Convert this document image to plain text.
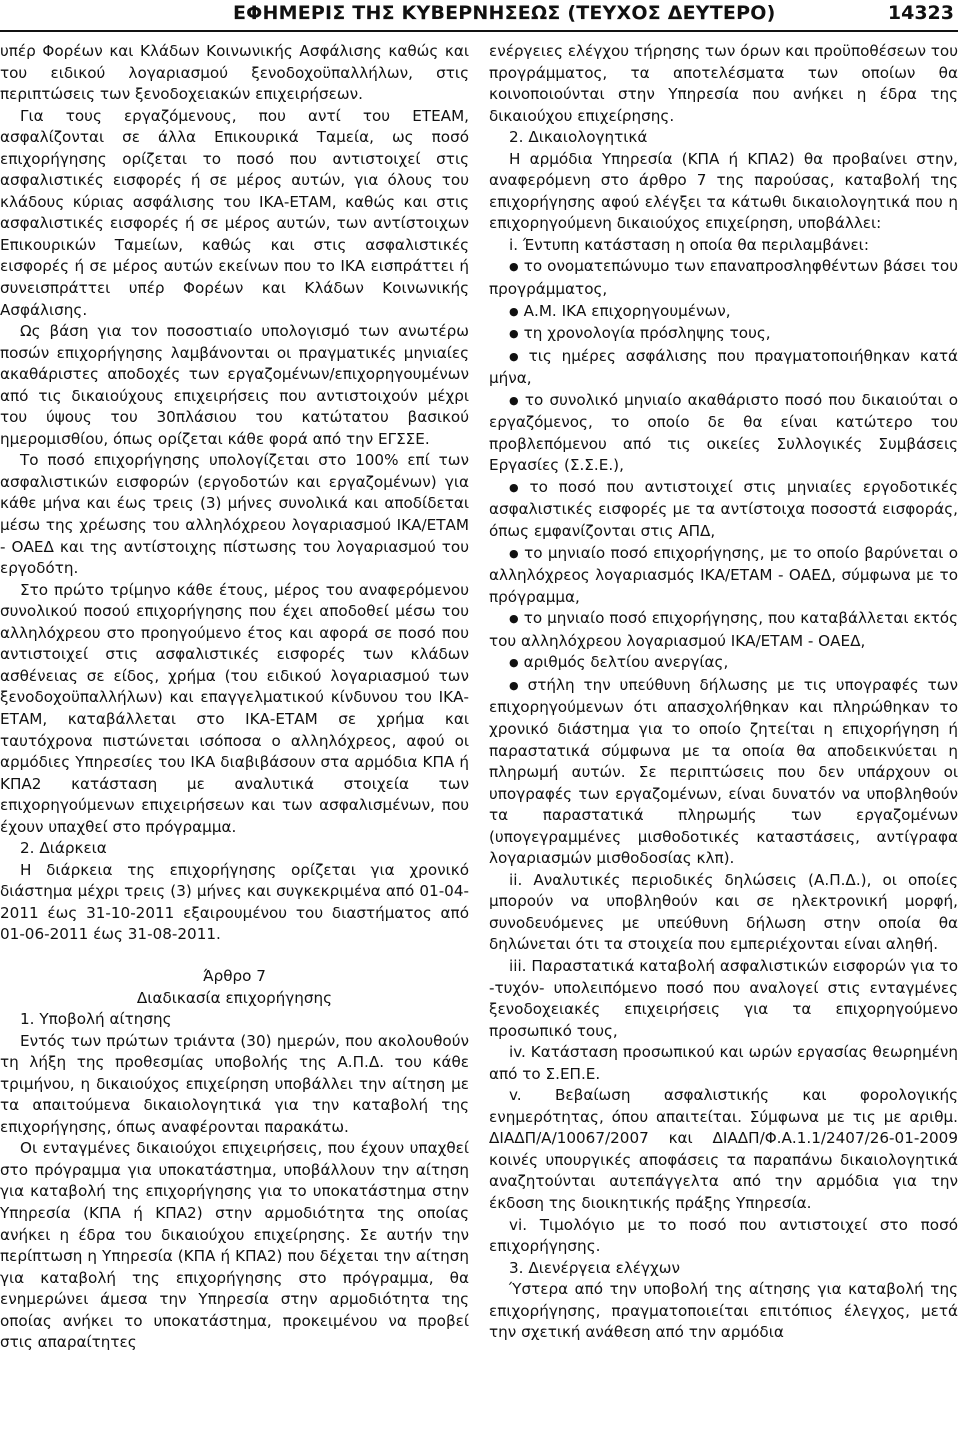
ΕΦΗΜΕΡΙΣ ΤΗΣ ΚΥΒΕΡΝΗΣΕΩΣ (ΤΕΥΧΟΣ ΔΕΥΤΕΡΟ)	14323

υπέρ Φορέων και Κλάδων Κοινωνικής Ασφάλισης καθώς και του ειδικού λογαριασμού ξενοδοχοϋπαλλήλων, στις περιπτώσεις των ξενοδοχειακών επιχειρήσεων.

Για τους εργαζόμενους, που αντί του ΕΤΕΑΜ, ασφαλίζονται σε άλλα Επικουρικά Ταμεία, ως ποσό επιχορήγησης ορίζεται το ποσό που αντιστοιχεί στις ασφαλιστικές εισφορές ή σε μέρος αυτών, για όλους του κλάδους κύριας ασφάλισης του ΙΚΑ-ΕΤΑΜ, καθώς και στις ασφαλιστικές εισφορές ή σε μέρος αυτών, των αντίστοιχων Επικουρικών Ταμείων, καθώς και στις ασφαλιστικές εισφορές ή σε μέρος αυτών εκείνων που το ΙΚΑ εισπράττει ή συνεισπράττει υπέρ Φορέων και Κλάδων Κοινωνικής Ασφάλισης.

Ως βάση για τον ποσοστιαίο υπολογισμό των ανωτέρω ποσών επιχορήγησης λαμβάνονται οι πραγματικές μηνιαίες ακαθάριστες αποδοχές των εργαζομένων/επιχορηγουμένων από τις δικαιούχους επιχειρήσεις που αντιστοιχούν μέχρι του ύψους του 30πλάσιου του κατώτατου βασικού ημερομισθίου, όπως ορίζεται κάθε φορά από την ΕΓΣΣΕ.

Το ποσό επιχορήγησης υπολογίζεται στο 100% επί των ασφαλιστικών εισφορών (εργοδοτών και εργαζομένων) για κάθε μήνα και έως τρεις (3) μήνες συνολικά και αποδίδεται μέσω της χρέωσης του αλληλόχρεου λογαριασμού ΙΚΑ/ΕΤΑΜ - ΟΑΕΔ και της αντίστοιχης πίστωσης του λογαριασμού του εργοδότη.

Στο πρώτο τρίμηνο κάθε έτους, μέρος του αναφερόμενου συνολικού ποσού επιχορήγησης που έχει αποδοθεί μέσω του αλληλόχρεου στο προηγούμενο έτος και αφορά σε ποσό που αντιστοιχεί στις ασφαλιστικές εισφορές των κλάδων ασθένειας σε είδος, χρήμα (του ειδικού λογαριασμού των ξενοδοχοϋπαλλήλων) και επαγγελματικού κίνδυνου του ΙΚΑ-ΕΤΑΜ, καταβάλλεται στο ΙΚΑ-ΕΤΑΜ σε χρήμα και ταυτόχρονα πιστώνεται ισόποσα ο αλληλόχρεος, αφού οι αρμόδιες Υπηρεσίες του ΙΚΑ διαβιβάσουν στα αρμόδια ΚΠΑ ή ΚΠΑ2 κατάσταση με αναλυτικά στοιχεία των επιχορηγούμενων επιχειρήσεων και των ασφαλισμένων, που έχουν υπαχθεί στο πρόγραμμα.

2. Διάρκεια

Η διάρκεια της επιχορήγησης ορίζεται για χρονικό διάστημα μέχρι τρεις (3) μήνες και συγκεκριμένα από 01-04-2011 έως 31-10-2011 εξαιρουμένου του διαστήματος από 01-06-2011 έως 31-08-2011.

Άρθρο 7

Διαδικασία επιχορήγησης

1. Υποβολή αίτησης

Εντός των πρώτων τριάντα (30) ημερών, που ακολουθούν τη λήξη της προθεσμίας υποβολής της Α.Π.Δ. του κάθε τριμήνου, η δικαιούχος επιχείρηση υποβάλλει την αίτηση με τα απαιτούμενα δικαιολογητικά για την καταβολή της επιχορήγησης, όπως αναφέρονται παρακάτω.

Οι ενταγμένες δικαιούχοι επιχειρήσεις, που έχουν υπαχθεί στο πρόγραμμα για υποκατάστημα, υποβάλλουν την αίτηση για καταβολή της επιχορήγησης για το υποκατάστημα στην Υπηρεσία (ΚΠΑ ή ΚΠΑ2) στην αρμοδιότητα της οποίας ανήκει η έδρα του δικαιούχου επιχείρησης. Σε αυτήν την περίπτωση η Υπηρεσία (ΚΠΑ ή ΚΠΑ2) που δέχεται την αίτηση για καταβολή της επιχορήγησης στο πρόγραμμα, θα ενημερώνει άμεσα την Υπηρεσία στην αρμοδιότητα της οποίας ανήκει το υποκατάστημα, προκειμένου να προβεί στις απαραίτητες

ενέργειες ελέγχου τήρησης των όρων και προϋποθέσεων του προγράμματος, τα αποτελέσματα των οποίων θα κοινοποιούνται στην Υπηρεσία που ανήκει η έδρα της δικαιούχου επιχείρησης.

2. Δικαιολογητικά

Η αρμόδια Υπηρεσία (ΚΠΑ ή ΚΠΑ2) θα προβαίνει στην, αναφερόμενη στο άρθρο 7 της παρούσας, καταβολή της επιχορήγησης αφού ελέγξει τα κάτωθι δικαιολογητικά που η επιχορηγούμενη δικαιούχος επιχείρηση, υποβάλλει:

i. Έντυπη κατάσταση η οποία θα περιλαμβάνει:

● το ονοματεπώνυμο των επαναπροσληφθέντων βάσει του προγράμματος,

● Α.Μ. ΙΚΑ επιχορηγουμένων,

● τη χρονολογία πρόσληψης τους,

● τις ημέρες ασφάλισης που πραγματοποιήθηκαν κατά μήνα,

● το συνολικό μηνιαίο ακαθάριστο ποσό που δικαιούται ο εργαζόμενος, το οποίο δε θα είναι κατώτερο του προβλεπόμενου από τις οικείες Συλλογικές Συμβάσεις Εργασίες (Σ.Σ.Ε.),

● το ποσό που αντιστοιχεί στις μηνιαίες εργοδοτικές ασφαλιστικές εισφορές με τα αντίστοιχα ποσοστά εισφοράς, όπως εμφανίζονται στις ΑΠΔ,

● το μηνιαίο ποσό επιχορήγησης, με το οποίο βαρύνεται ο αλληλόχρεος λογαριασμός ΙΚΑ/ΕΤΑΜ - ΟΑΕΔ, σύμφωνα με το πρόγραμμα,

● το μηνιαίο ποσό επιχορήγησης, που καταβάλλεται εκτός του αλληλόχρεου λογαριασμού ΙΚΑ/ΕΤΑΜ - ΟΑΕΔ,

● αριθμός δελτίου ανεργίας,

● στήλη την υπεύθυνη δήλωσης με τις υπογραφές των επιχορηγούμενων ότι απασχολήθηκαν και πληρώθηκαν το χρονικό διάστημα για το οποίο ζητείται η επιχορήγηση ή παραστατικά σύμφωνα με τα οποία θα αποδεικνύεται η πληρωμή αυτών. Σε περιπτώσεις που δεν υπάρχουν οι υπογραφές των εργαζομένων, είναι δυνατόν να υποβληθούν τα παραστατικά πληρωμής των εργαζομένων (υπογεγραμμένες μισθοδοτικές καταστάσεις, αντίγραφα λογαριασμών μισθοδοσίας κλπ).

ii. Αναλυτικές περιοδικές δηλώσεις (Α.Π.Δ.), οι οποίες μπορούν να υποβληθούν και σε ηλεκτρονική μορφή, συνοδευόμενες με υπεύθυνη δήλωση στην οποία θα δηλώνεται ότι τα στοιχεία που εμπεριέχονται είναι αληθή.

iii. Παραστατικά καταβολή ασφαλιστικών εισφορών για το -τυχόν- υπολειπόμενο ποσό που αναλογεί στις ενταγμένες ξενοδοχειακές επιχειρήσεις για τα επιχορηγούμενο προσωπικό τους,

iv. Κατάσταση προσωπικού και ωρών εργασίας θεωρημένη από το Σ.ΕΠ.Ε.

v. Βεβαίωση ασφαλιστικής και φορολογικής ενημερότητας, όπου απαιτείται. Σύμφωνα με τις με αριθμ. ΔΙΑΔΠ/Α/10067/2007 και ΔΙΑΔΠ/Φ.Α.1.1/2407/26-01-2009 κοινές υπουργικές αποφάσεις τα παραπάνω δικαιολογητικά αναζητούνται αυτεπάγγελτα από την αρμόδια για την έκδοση της διοικητικής πράξης Υπηρεσία.

vi. Τιμολόγιο με το ποσό που αντιστοιχεί στο ποσό επιχορήγησης.

3. Διενέργεια ελέγχων

Ύστερα από την υποβολή της αίτησης για καταβολή της επιχορήγησης, πραγματοποιείται επιτόπιος έλεγχος, μετά την σχετική ανάθεση από την αρμόδια
